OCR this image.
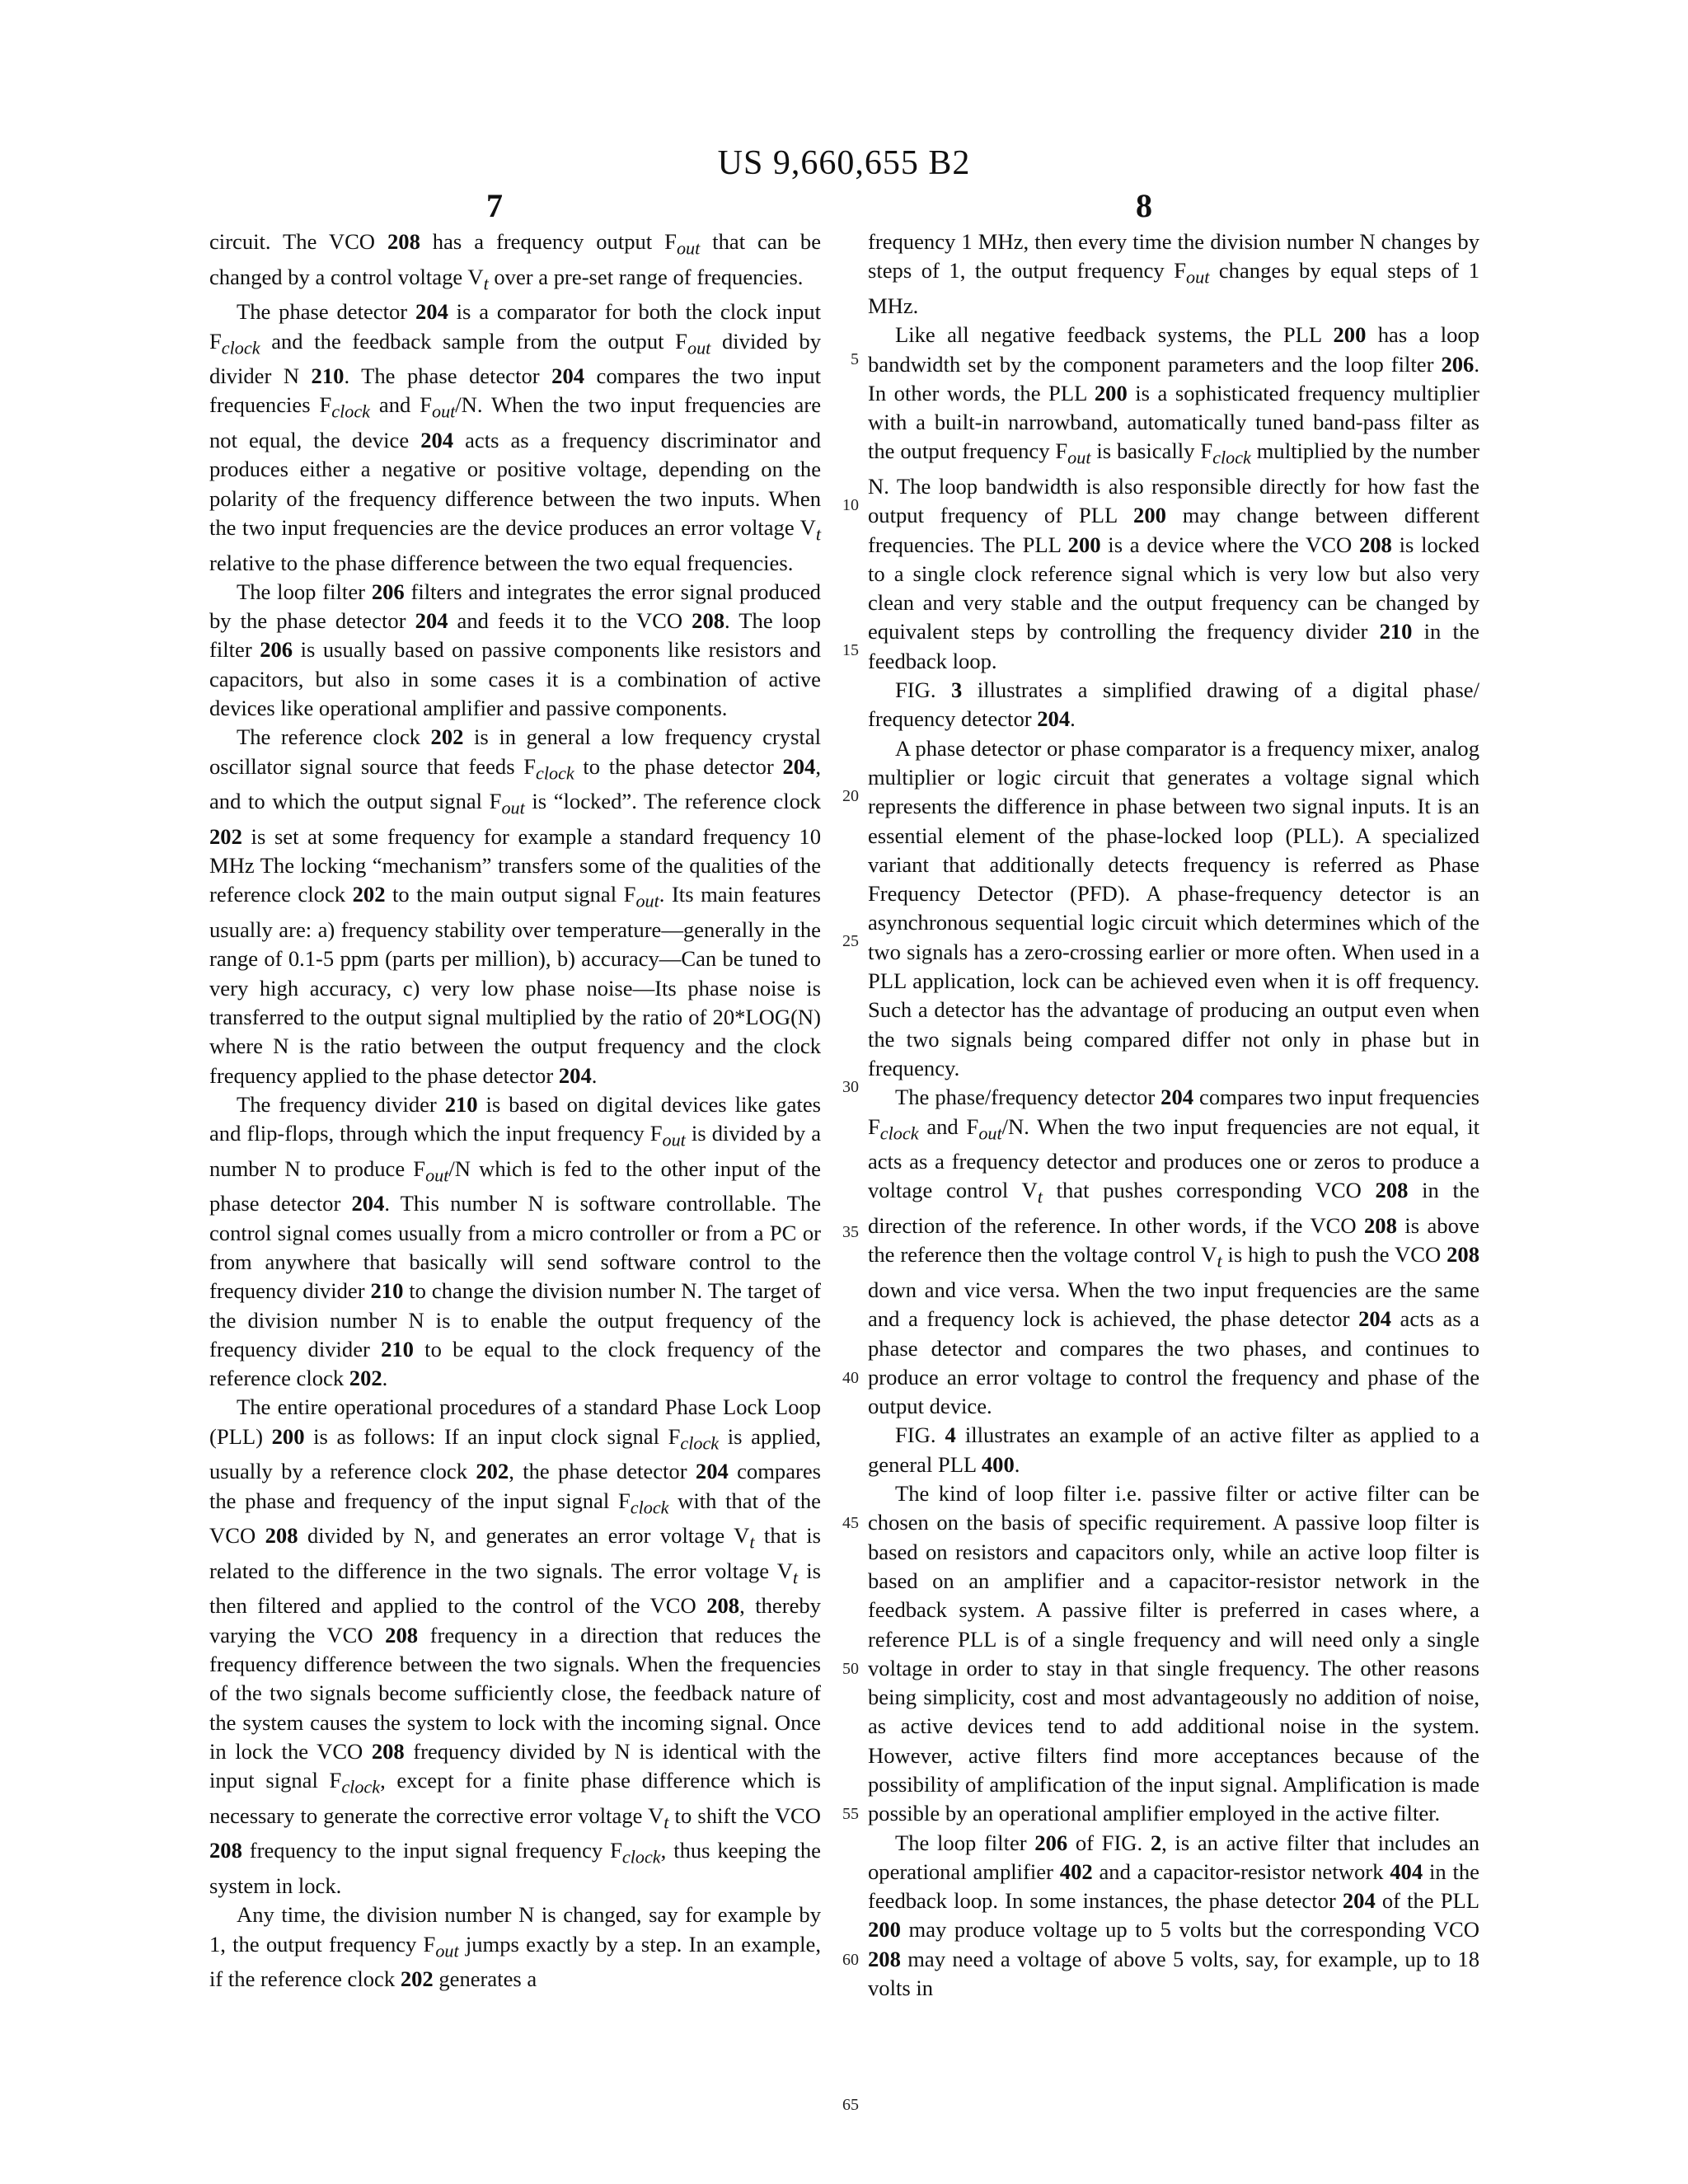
US 9,660,655 B2
7	8

circuit. The VCO 208 has a frequency output $F_{out}$ that can be changed by a control voltage $V_t$ over a pre-set range of frequencies.

The phase detector 204 is a comparator for both the clock input $F_{clock}$ and the feedback sample from the output $F_{out}$ divided by divider N 210. The phase detector 204 compares the two input frequencies $F_{clock}$ and $F_{out}/N$. When the two input frequencies are not equal, the device 204 acts as a frequency discriminator and produces either a negative or positive voltage, depending on the polarity of the frequency difference between the two inputs. When the two input frequencies are the device produces an error voltage $V_t$ relative to the phase difference between the two equal frequencies.

The loop filter 206 filters and integrates the error signal produced by the phase detector 204 and feeds it to the VCO 208. The loop filter 206 is usually based on passive components like resistors and capacitors, but also in some cases it is a combination of active devices like operational amplifier and passive components.

The reference clock 202 is in general a low frequency crystal oscillator signal source that feeds $F_{clock}$ to the phase detector 204, and to which the output signal $F_{out}$ is “locked”. The reference clock 202 is set at some frequency for example a standard frequency 10 MHz The locking “mechanism” transfers some of the qualities of the reference clock 202 to the main output signal $F_{out}$. Its main features usually are: a) frequency stability over temperature—generally in the range of 0.1-5 ppm (parts per million), b) accuracy—Can be tuned to very high accuracy, c) very low phase noise—Its phase noise is transferred to the output signal multiplied by the ratio of 20*LOG(N) where N is the ratio between the output frequency and the clock frequency applied to the phase detector 204.

The frequency divider 210 is based on digital devices like gates and flip-flops, through which the input frequency $F_{out}$ is divided by a number N to produce $F_{out}/N$ which is fed to the other input of the phase detector 204. This number N is software controllable. The control signal comes usually from a micro controller or from a PC or from anywhere that basically will send software control to the frequency divider 210 to change the division number N. The target of the division number N is to enable the output frequency of the frequency divider 210 to be equal to the clock frequency of the reference clock 202.

The entire operational procedures of a standard Phase Lock Loop (PLL) 200 is as follows: If an input clock signal $F_{clock}$ is applied, usually by a reference clock 202, the phase detector 204 compares the phase and frequency of the input signal $F_{clock}$ with that of the VCO 208 divided by N, and generates an error voltage $V_t$ that is related to the difference in the two signals. The error voltage $V_t$ is then filtered and applied to the control of the VCO 208, thereby varying the VCO 208 frequency in a direction that reduces the frequency difference between the two signals. When the frequencies of the two signals become sufficiently close, the feedback nature of the system causes the system to lock with the incoming signal. Once in lock the VCO 208 frequency divided by N is identical with the input signal $F_{clock}$, except for a finite phase difference which is necessary to generate the corrective error voltage $V_t$ to shift the VCO 208 frequency to the input signal frequency $F_{clock}$, thus keeping the system in lock.

Any time, the division number N is changed, say for example by 1, the output frequency $F_{out}$ jumps exactly by a step. In an example, if the reference clock 202 generates a

frequency 1 MHz, then every time the division number N changes by steps of 1, the output frequency $F_{out}$ changes by equal steps of 1 MHz.

Like all negative feedback systems, the PLL 200 has a loop bandwidth set by the component parameters and the loop filter 206. In other words, the PLL 200 is a sophisticated frequency multiplier with a built-in narrowband, automatically tuned band-pass filter as the output frequency $F_{out}$ is basically $F_{clock}$ multiplied by the number N. The loop bandwidth is also responsible directly for how fast the output frequency of PLL 200 may change between different frequencies. The PLL 200 is a device where the VCO 208 is locked to a single clock reference signal which is very low but also very clean and very stable and the output frequency can be changed by equivalent steps by controlling the frequency divider 210 in the feedback loop.

FIG. 3 illustrates a simplified drawing of a digital phase/ frequency detector 204.

A phase detector or phase comparator is a frequency mixer, analog multiplier or logic circuit that generates a voltage signal which represents the difference in phase between two signal inputs. It is an essential element of the phase-locked loop (PLL). A specialized variant that additionally detects frequency is referred as Phase Frequency Detector (PFD). A phase-frequency detector is an asynchronous sequential logic circuit which determines which of the two signals has a zero-crossing earlier or more often. When used in a PLL application, lock can be achieved even when it is off frequency. Such a detector has the advantage of producing an output even when the two signals being compared differ not only in phase but in frequency.

The phase/frequency detector 204 compares two input frequencies $F_{clock}$ and $F_{out}/N$. When the two input frequencies are not equal, it acts as a frequency detector and produces one or zeros to produce a voltage control $V_t$ that pushes corresponding VCO 208 in the direction of the reference. In other words, if the VCO 208 is above the reference then the voltage control $V_t$ is high to push the VCO 208 down and vice versa. When the two input frequencies are the same and a frequency lock is achieved, the phase detector 204 acts as a phase detector and compares the two phases, and continues to produce an error voltage to control the frequency and phase of the output device.

FIG. 4 illustrates an example of an active filter as applied to a general PLL 400.

The kind of loop filter i.e. passive filter or active filter can be chosen on the basis of specific requirement. A passive loop filter is based on resistors and capacitors only, while an active loop filter is based on an amplifier and a capacitor-resistor network in the feedback system. A passive filter is preferred in cases where, a reference PLL is of a single frequency and will need only a single voltage in order to stay in that single frequency. The other reasons being simplicity, cost and most advantageously no addition of noise, as active devices tend to add additional noise in the system. However, active filters find more acceptances because of the possibility of amplification of the input signal. Amplification is made possible by an operational amplifier employed in the active filter.

The loop filter 206 of FIG. 2, is an active filter that includes an operational amplifier 402 and a capacitor-resistor network 404 in the feedback loop. In some instances, the phase detector 204 of the PLL 200 may produce voltage up to 5 volts but the corresponding VCO 208 may need a voltage of above 5 volts, say, for example, up to 18 volts in

5
10
15
20
25
30
35
40
45
50
55
60
65
